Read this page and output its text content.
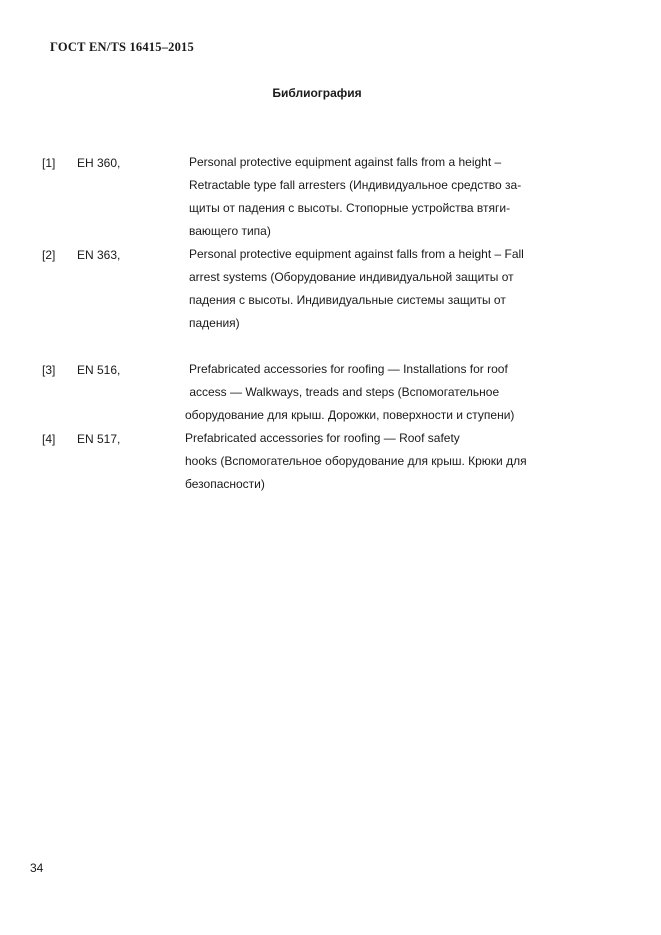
ГОСТ EN/TS 16415–2015
Библиография
[1] ЕН 360,	Personal protective equipment against falls from a height –
Retractable type fall arresters (Индивидуальное средство за-
щиты от падения с высоты. Стопорные устройства втяги-
вающего типа)
[2] EN 363,	Personal protective equipment against falls from a height – Fall
arrest systems (Оборудование индивидуальной защиты от
падения с высоты. Индивидуальные системы защиты от
падения)
[3] EN 516,	Prefabricated accessories for roofing — Installations for roof
access — Walkways, treads and steps (Вспомогательное
оборудование для крыш. Дорожки, поверхности и ступени)
[4] EN 517,	Prefabricated accessories for roofing — Roof safety
hooks (Вспомогательное оборудование для крыш. Крюки для
безопасности)
34
